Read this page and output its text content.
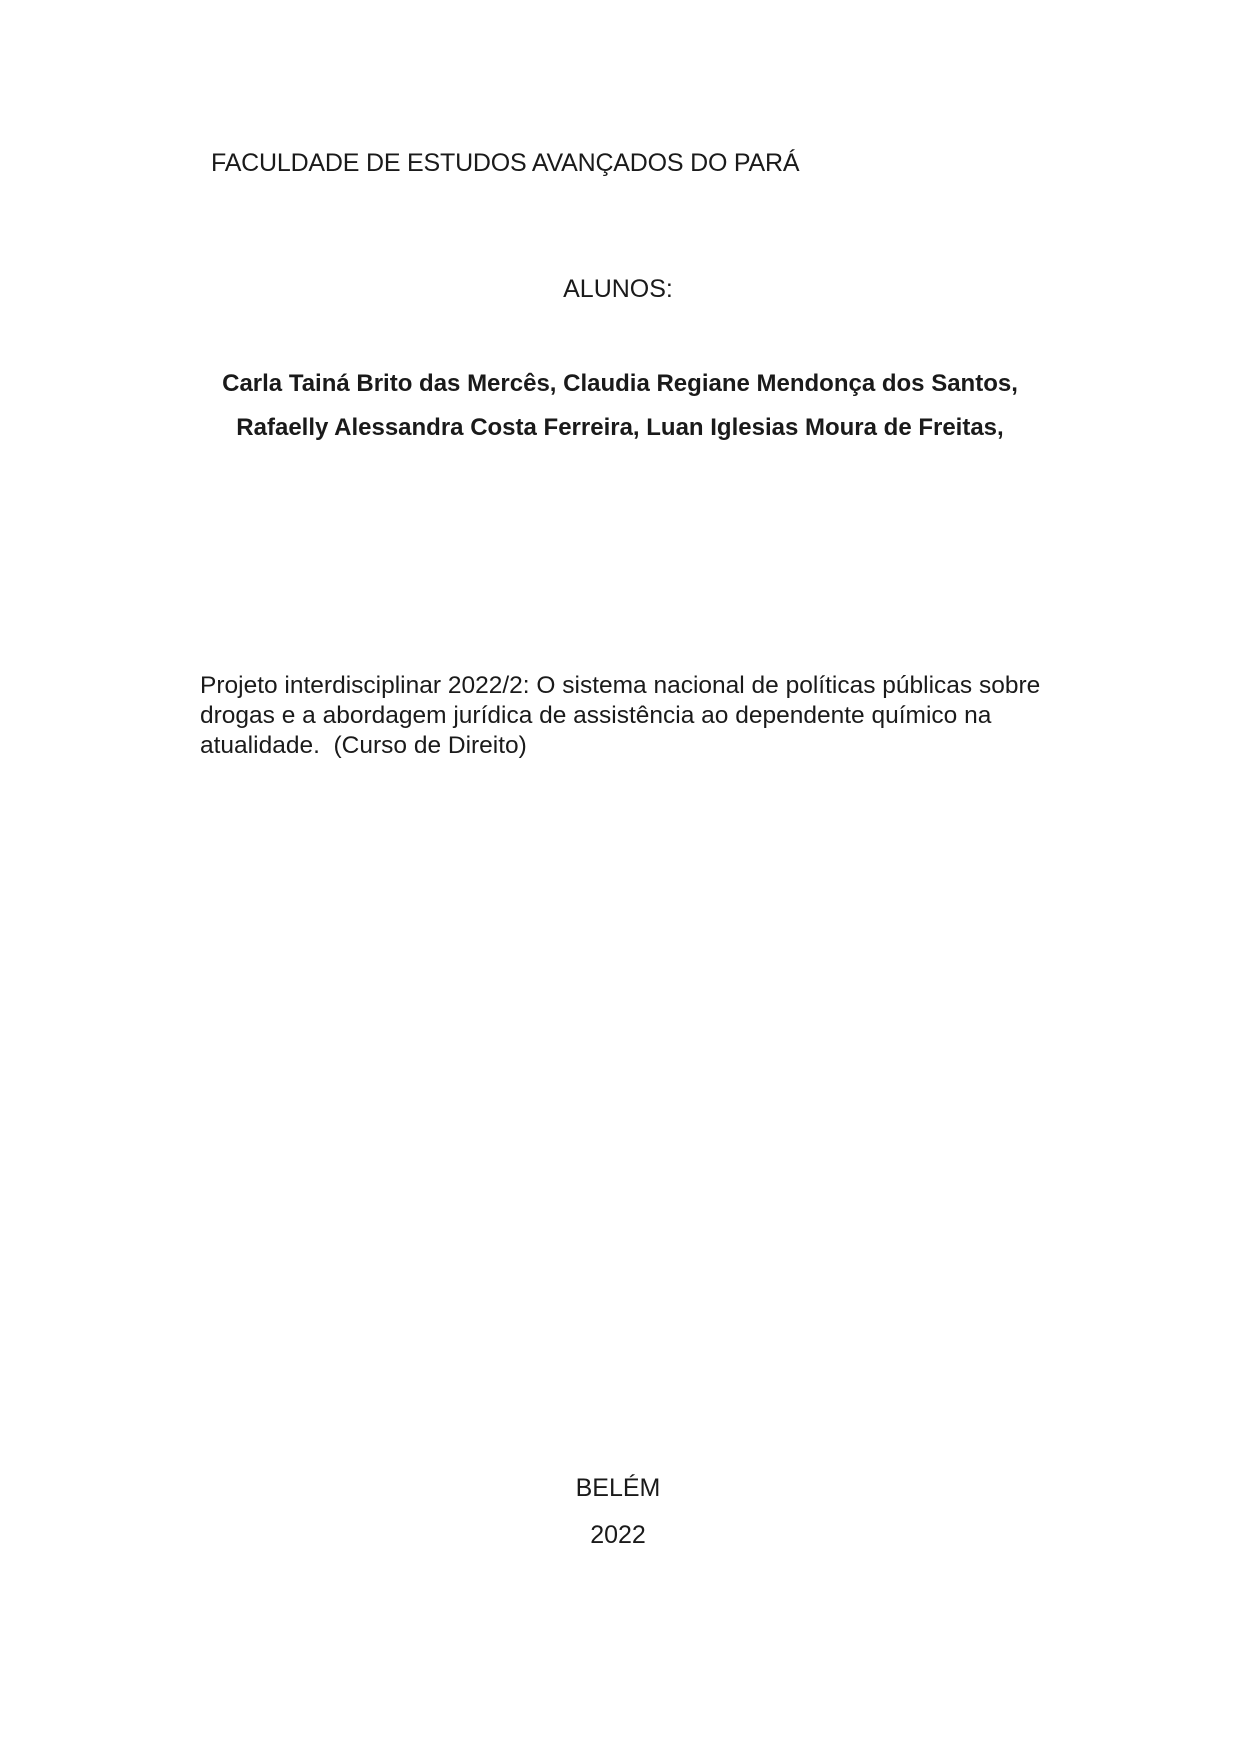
FACULDADE DE ESTUDOS AVANÇADOS DO PARÁ
ALUNOS:
Carla Tainá Brito das Mercês, Claudia Regiane Mendonça dos Santos,
Rafaelly Alessandra Costa Ferreira, Luan Iglesias Moura de Freitas,
Projeto interdisciplinar 2022/2: O sistema nacional de políticas públicas sobre
drogas e a abordagem jurídica de assistência ao dependente químico na
atualidade.  (Curso de Direito)
BELÉM
2022
